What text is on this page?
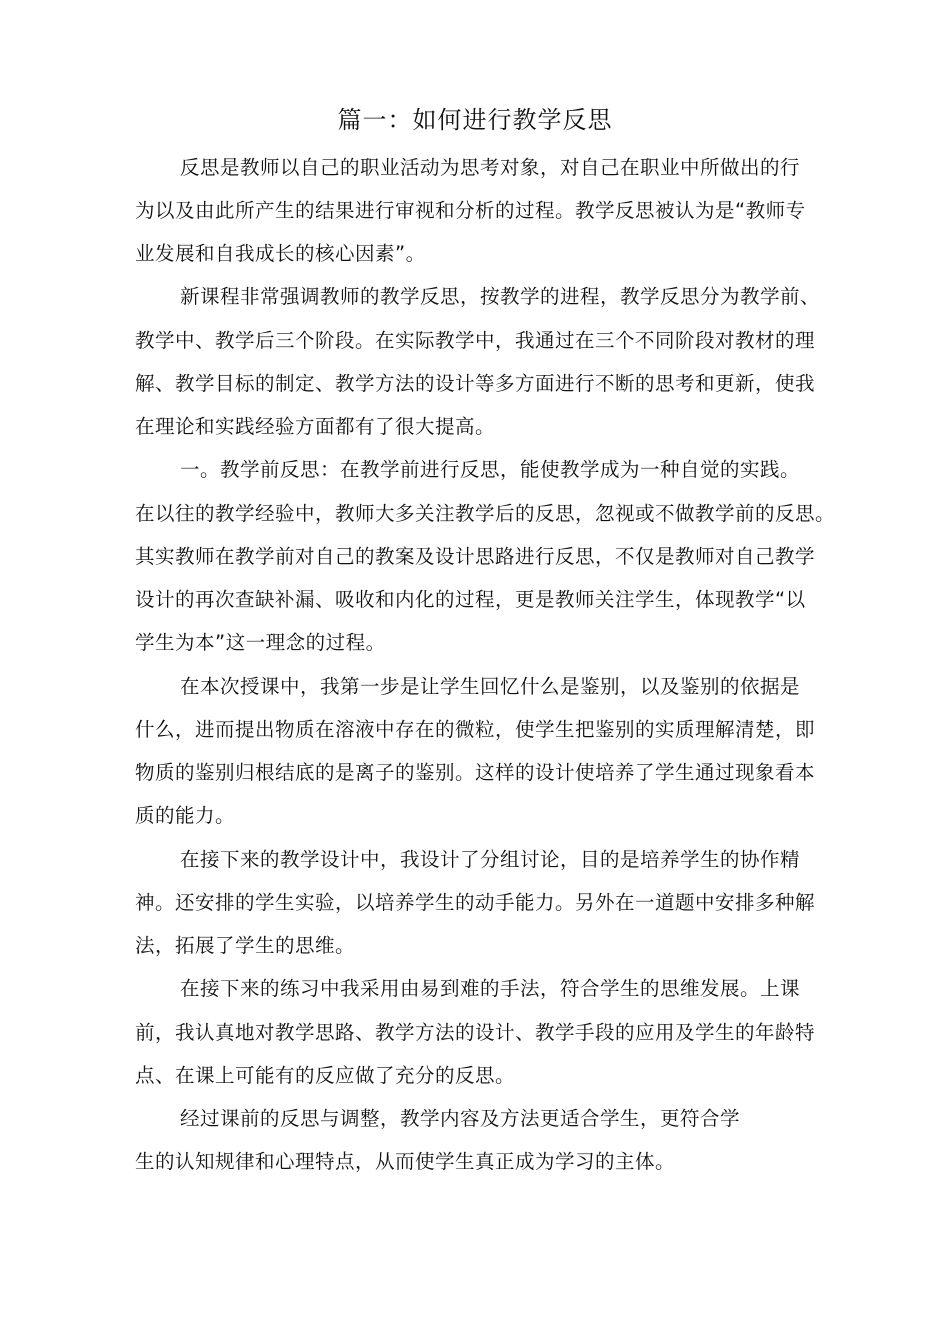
篇一：如何进行教学反思
反思是教师以自己的职业活动为思考对象，对自己在职业中所做出的行
为以及由此所产生的结果进行审视和分析的过程。教学反思被认为是“教师专
业发展和自我成长的核心因素”。
新课程非常强调教师的教学反思，按教学的进程，教学反思分为教学前、
教学中、教学后三个阶段。在实际教学中，我通过在三个不同阶段对教材的理
解、教学目标的制定、教学方法的设计等多方面进行不断的思考和更新，使我
在理论和实践经验方面都有了很大提高。
一。教学前反思：在教学前进行反思，能使教学成为一种自觉的实践。
在以往的教学经验中，教师大多关注教学后的反思，忽视或不做教学前的反思。
其实教师在教学前对自己的教案及设计思路进行反思，不仅是教师对自己教学
设计的再次查缺补漏、吸收和内化的过程，更是教师关注学生，体现教学“以
学生为本”这一理念的过程。
在本次授课中，我第一步是让学生回忆什么是鉴别，以及鉴别的依据是
什么，进而提出物质在溶液中存在的微粒，使学生把鉴别的实质理解清楚，即
物质的鉴别归根结底的是离子的鉴别。这样的设计使培养了学生通过现象看本
质的能力。
在接下来的教学设计中，我设计了分组讨论，目的是培养学生的协作精
神。还安排的学生实验，以培养学生的动手能力。另外在一道题中安排多种解
法，拓展了学生的思维。
在接下来的练习中我采用由易到难的手法，符合学生的思维发展。上课
前，我认真地对教学思路、教学方法的设计、教学手段的应用及学生的年龄特
点、在课上可能有的反应做了充分的反思。
经过课前的反思与调整，教学内容及方法更适合学生，更符合学
生的认知规律和心理特点，从而使学生真正成为学习的主体。
